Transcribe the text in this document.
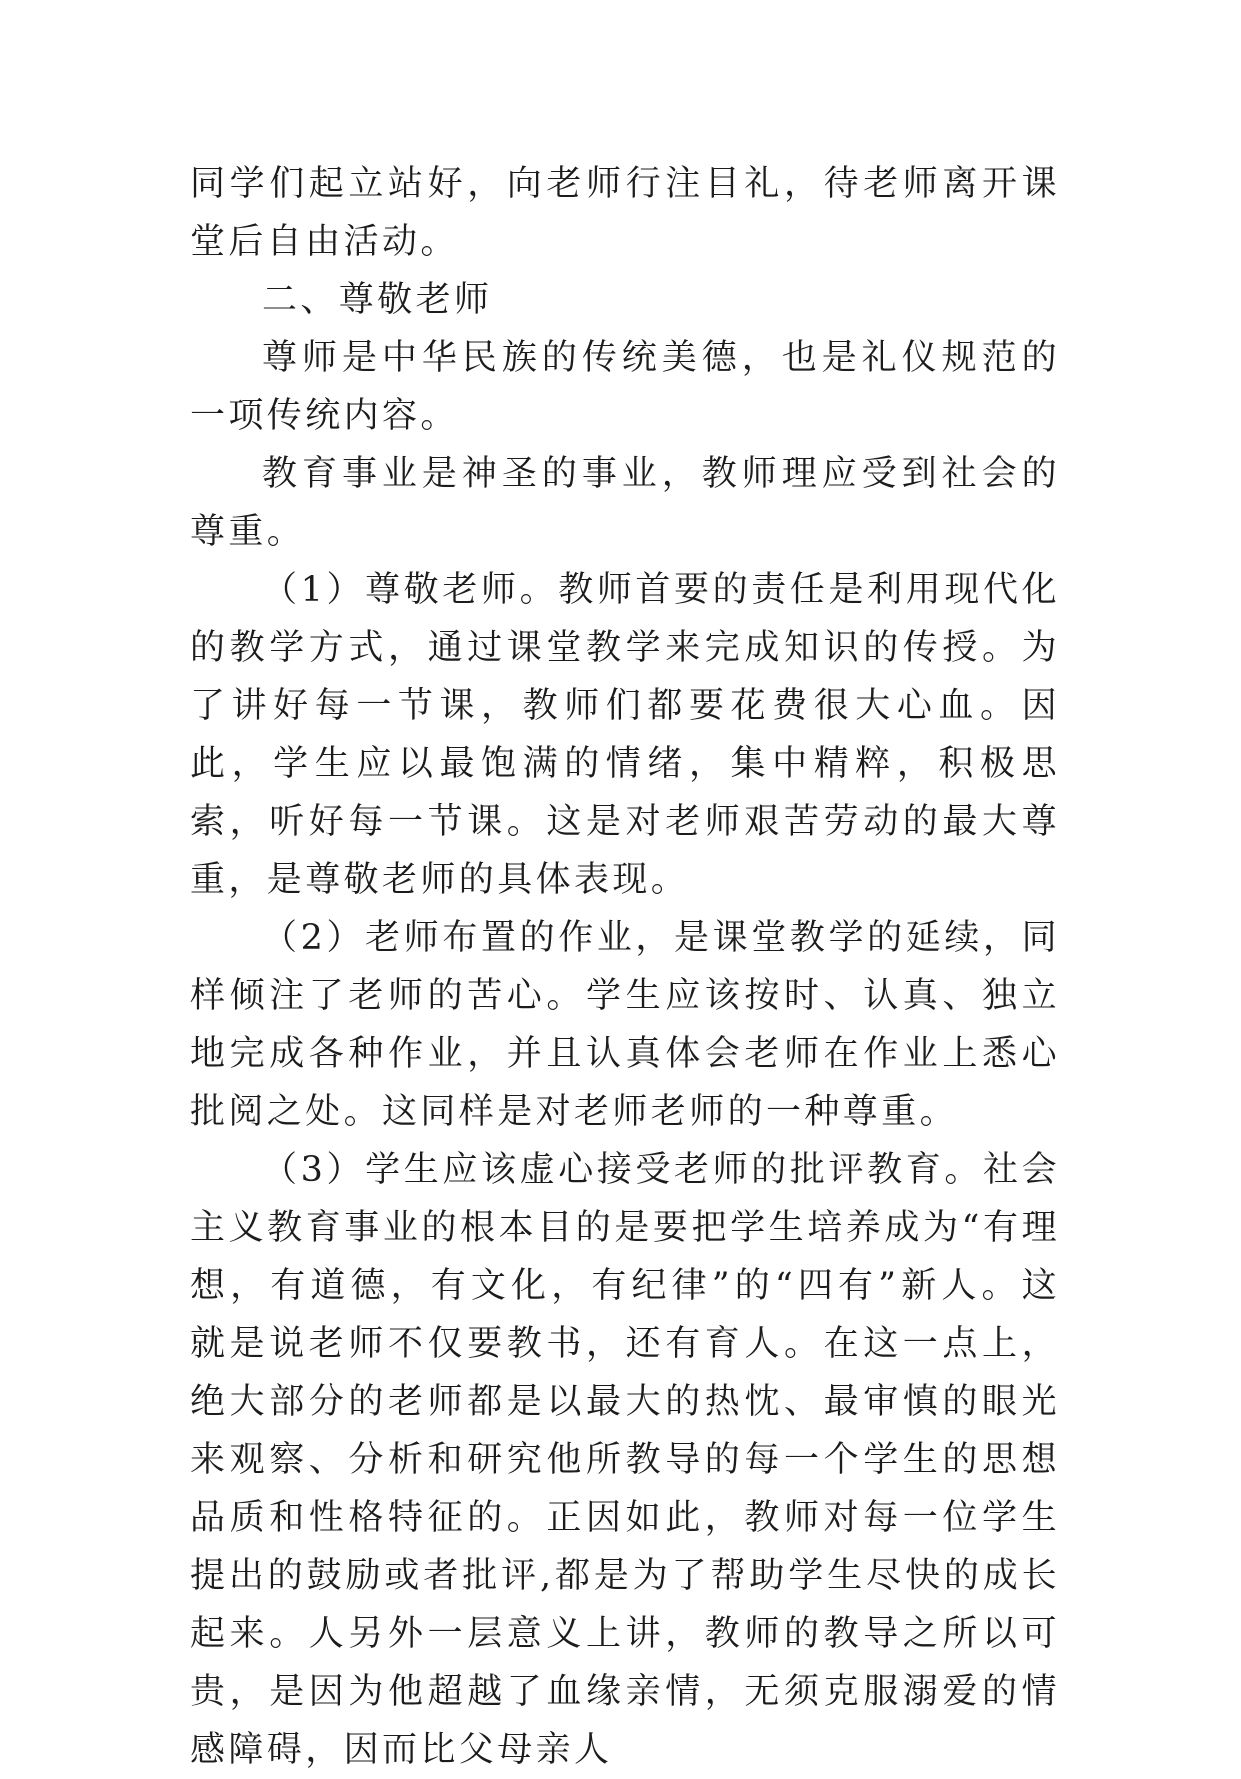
同学们起立站好，向老师行注目礼，待老师离开课堂后自由活动。

二、尊敬老师

尊师是中华民族的传统美德，也是礼仪规范的一项传统内容。

教育事业是神圣的事业，教师理应受到社会的尊重。

（1）尊敬老师。教师首要的责任是利用现代化的教学方式，通过课堂教学来完成知识的传授。为了讲好每一节课，教师们都要花费很大心血。因此，学生应以最饱满的情绪，集中精粹，积极思索，听好每一节课。这是对老师艰苦劳动的最大尊重，是尊敬老师的具体表现。

（2）老师布置的作业，是课堂教学的延续，同样倾注了老师的苦心。学生应该按时、认真、独立地完成各种作业，并且认真体会老师在作业上悉心批阅之处。这同样是对老师老师的一种尊重。

（3）学生应该虚心接受老师的批评教育。社会主义教育事业的根本目的是要把学生培养成为“有理想，有道德，有文化，有纪律”的“四有”新人。这就是说老师不仅要教书，还有育人。在这一点上，绝大部分的老师都是以最大的热忱、最审慎的眼光来观察、分析和研究他所教导的每一个学生的思想品质和性格特征的。正因如此，教师对每一位学生提出的鼓励或者批评,都是为了帮助学生尽快的成长起来。人另外一层意义上讲，教师的教导之所以可贵，是因为他超越了血缘亲情，无须克服溺爱的情感障碍，因而比父母亲人
